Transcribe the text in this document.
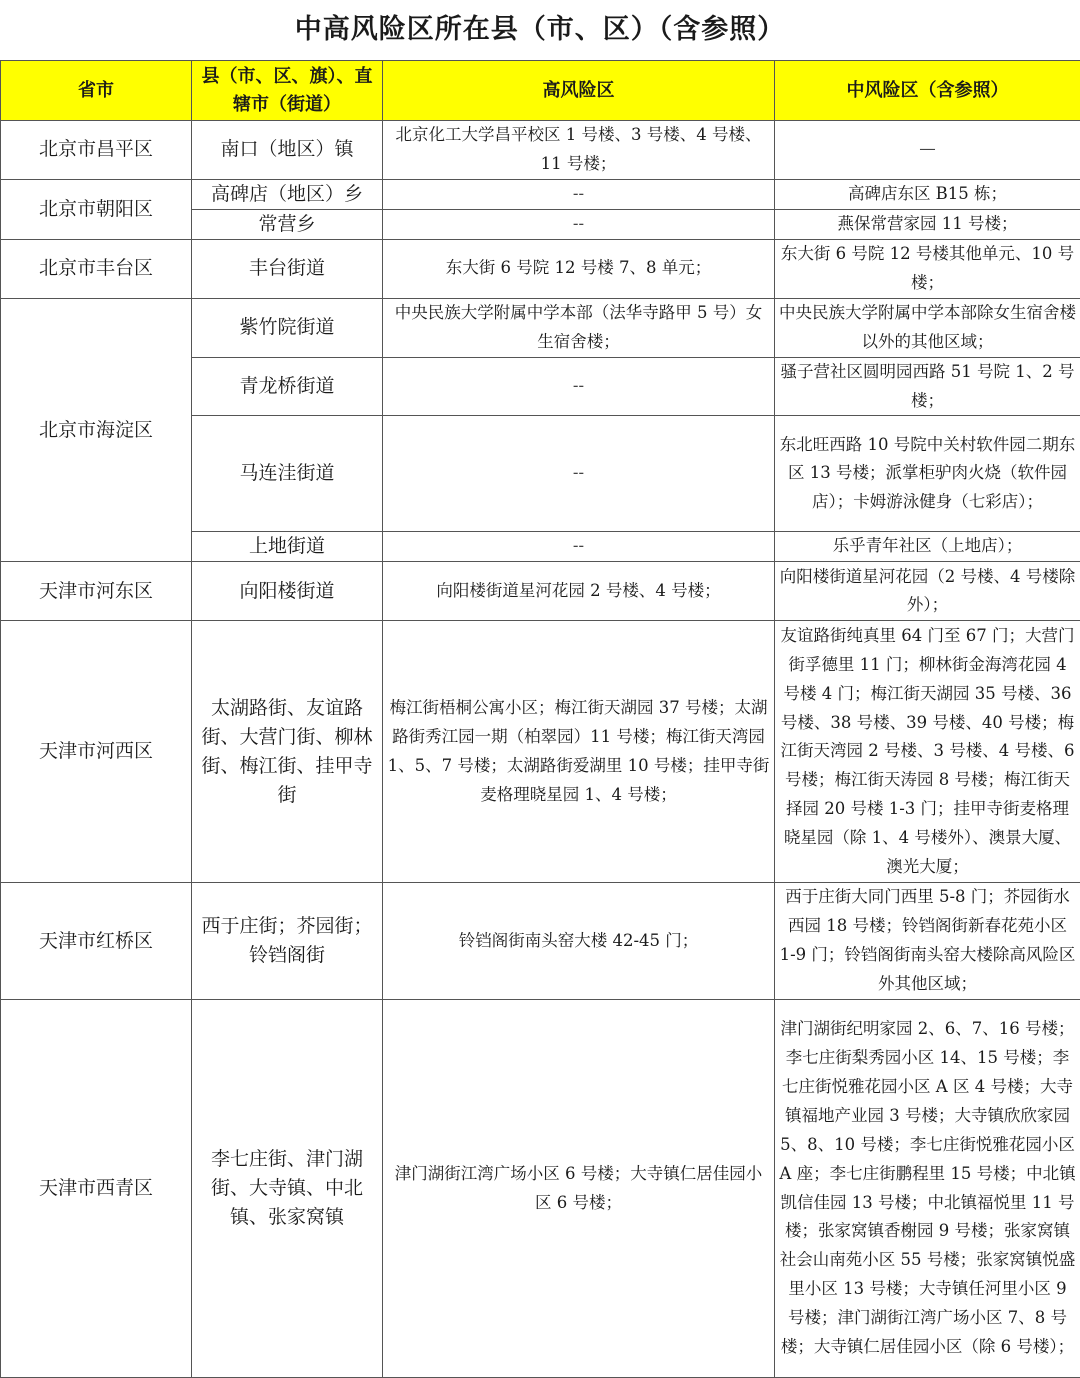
中高风险区所在县（市、区）（含参照）
省市	县（市、区、旗）、直辖市（街道）	高风险区	中风险区（含参照）
北京市昌平区	南口（地区）镇	北京化工大学昌平校区 1 号楼、3 号楼、4 号楼、11 号楼；	—
北京市朝阳区	高碑店（地区）乡	--	高碑店东区 B15 栋；
	常营乡	--	燕保常营家园 11 号楼；
北京市丰台区	丰台街道	东大街 6 号院 12 号楼 7、8 单元；	东大街 6 号院 12 号楼其他单元、10 号楼；
北京市海淀区	紫竹院街道	中央民族大学附属中学本部（法华寺路甲 5 号）女生宿舍楼；	中央民族大学附属中学本部除女生宿舍楼以外的其他区域；
	青龙桥街道	--	骚子营社区圆明园西路 51 号院 1、2 号楼；
	马连洼街道	--	东北旺西路 10 号院中关村软件园二期东区 13 号楼；派掌柜驴肉火烧（软件园店）；卡姆游泳健身（七彩店）；
	上地街道	--	乐乎青年社区（上地店）；
天津市河东区	向阳楼街道	向阳楼街道星河花园 2 号楼、4 号楼；	向阳楼街道星河花园（2 号楼、4 号楼除外）；
天津市河西区	太湖路街、友谊路街、大营门街、柳林街、梅江街、挂甲寺街	梅江街梧桐公寓小区；梅江街天湖园 37 号楼；太湖路街秀江园一期（柏翠园）11 号楼；梅江街天湾园 1、5、7 号楼；太湖路街爱湖里 10 号楼；挂甲寺街麦格理晓星园 1、4 号楼；	友谊路街纯真里 64 门至 67 门；大营门街孚德里 11 门；柳林街金海湾花园 4 号楼 4 门；梅江街天湖园 35 号楼、36 号楼、38 号楼、39 号楼、40 号楼；梅江街天湾园 2 号楼、3 号楼、4 号楼、6 号楼；梅江街天涛园 8 号楼；梅江街天择园 20 号楼 1-3 门；挂甲寺街麦格理晓星园（除 1、4 号楼外）、澳景大厦、澳光大厦；
天津市红桥区	西于庄街；芥园街；铃铛阁街	铃铛阁街南头窑大楼 42-45 门；	西于庄街大同门西里 5-8 门；芥园街水西园 18 号楼；铃铛阁街新春花苑小区 1-9 门；铃铛阁街南头窑大楼除高风险区外其他区域；
天津市西青区	李七庄街、津门湖街、大寺镇、中北镇、张家窝镇	津门湖街江湾广场小区 6 号楼；大寺镇仁居佳园小区 6 号楼；	津门湖街纪明家园 2、6、7、16 号楼；李七庄街梨秀园小区 14、15 号楼；李七庄街悦雅花园小区 A 区 4 号楼；大寺镇福地产业园 3 号楼；大寺镇欣欣家园 5、8、10 号楼；李七庄街悦雅花园小区 A 座；李七庄街鹏程里 15 号楼；中北镇凯信佳园 13 号楼；中北镇福悦里 11 号楼；张家窝镇香榭园 9 号楼；张家窝镇社会山南苑小区 55 号楼；张家窝镇悦盛里小区 13 号楼；大寺镇任河里小区 9 号楼；津门湖街江湾广场小区 7、8 号楼；大寺镇仁居佳园小区（除 6 号楼）；
